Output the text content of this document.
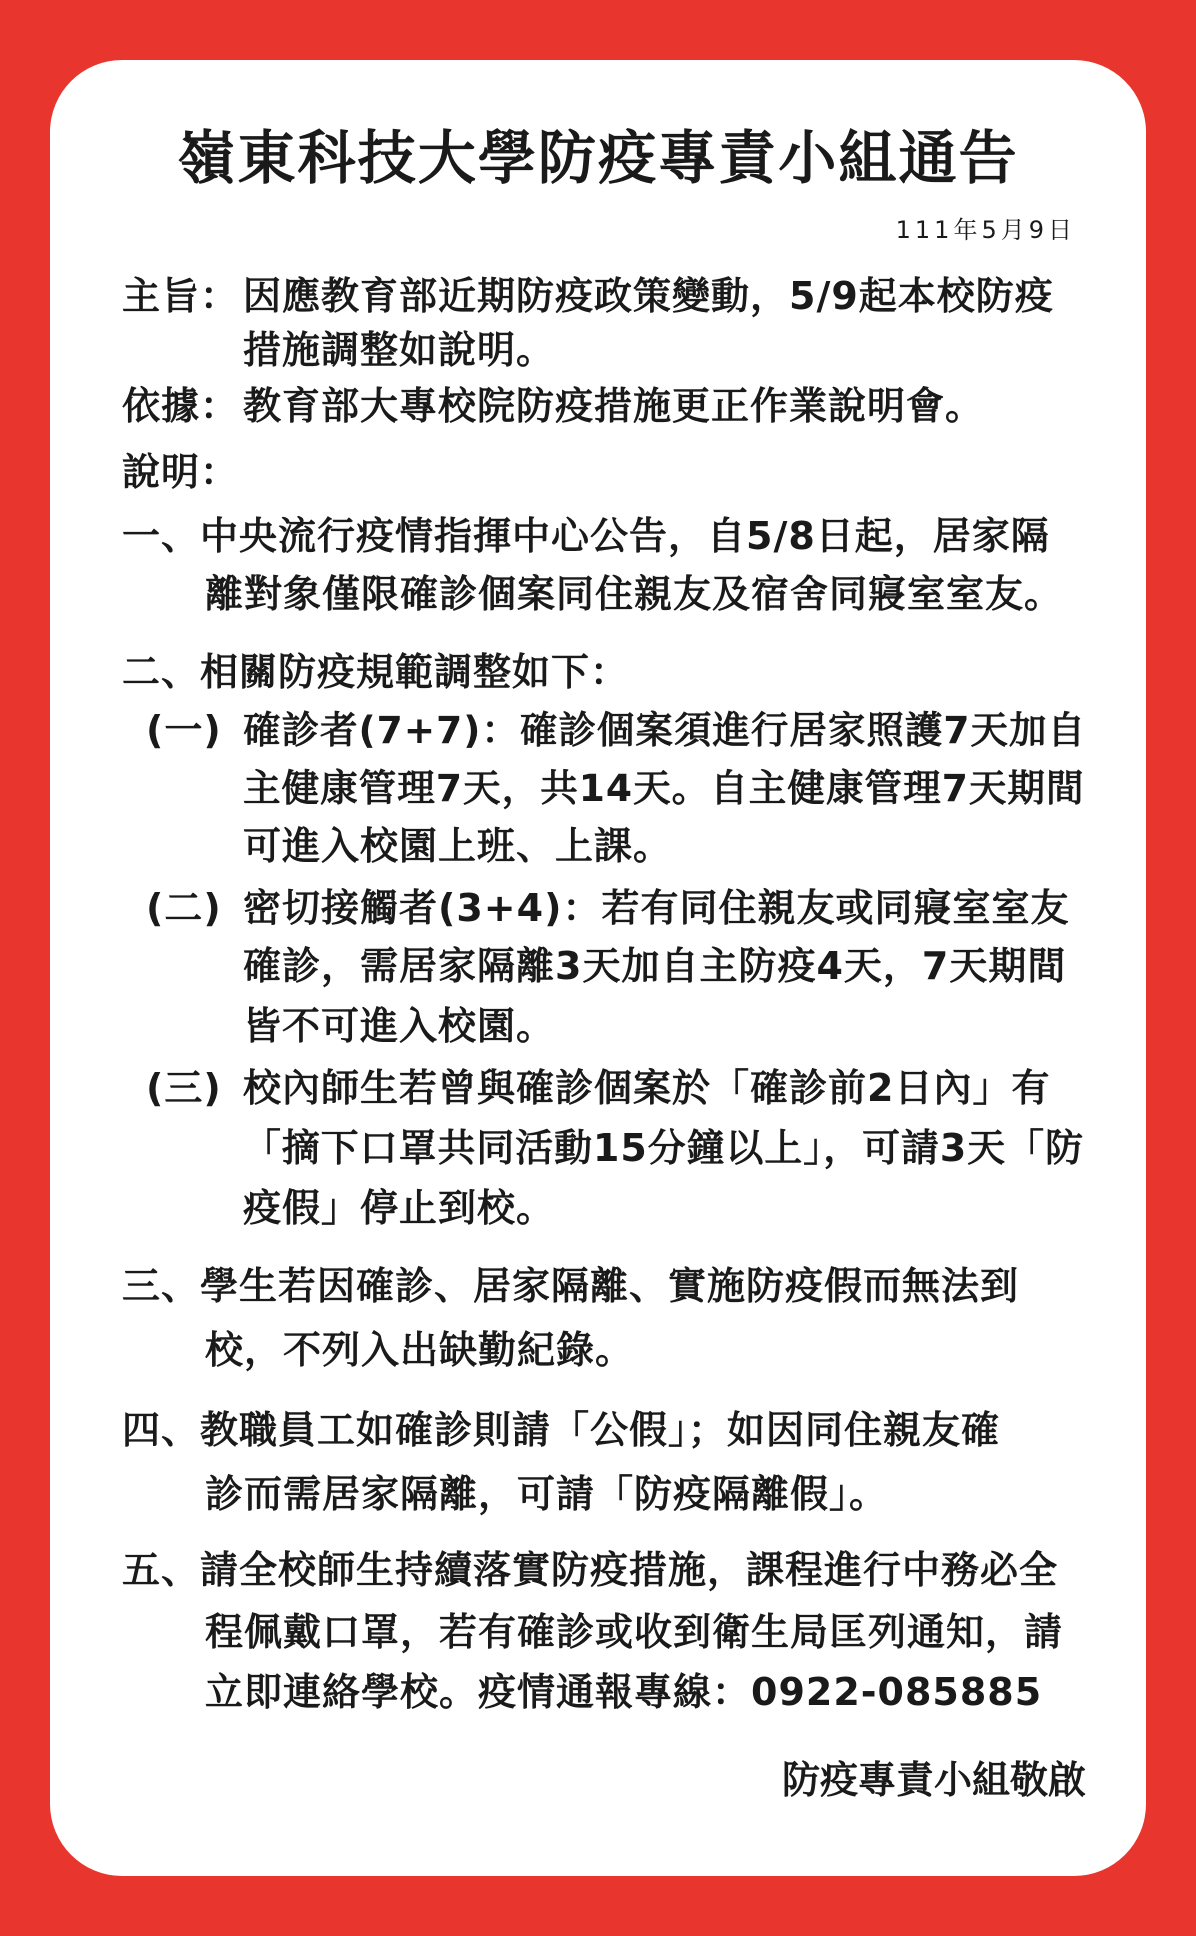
嶺東科技大學防疫專責小組通告
111年5月9日
主旨： 因應教育部近期防疫政策變動，5/9起本校防疫
措施調整如說明。
依據： 教育部大專校院防疫措施更正作業說明會。
說明：
一、中央流行疫情指揮中心公告，自5/8日起，居家隔
離對象僅限確診個案同住親友及宿舍同寢室室友。
二、相關防疫規範調整如下：
(一) 確診者(7+7)：確診個案須進行居家照護7天加自
主健康管理7天，共14天。自主健康管理7天期間
可進入校園上班、上課。
(二) 密切接觸者(3+4)：若有同住親友或同寢室室友
確診，需居家隔離3天加自主防疫4天，7天期間
皆不可進入校園。
(三) 校內師生若曾與確診個案於「確診前2日內」有
「摘下口罩共同活動15分鐘以上」，可請3天「防
疫假」停止到校。
三、學生若因確診、居家隔離、實施防疫假而無法到
校，不列入出缺勤紀錄。
四、教職員工如確診則請「公假」；如因同住親友確
診而需居家隔離，可請「防疫隔離假」。
五、請全校師生持續落實防疫措施，課程進行中務必全
程佩戴口罩，若有確診或收到衛生局匡列通知，請
立即連絡學校。疫情通報專線：0922-085885
防疫專責小組敬啟
